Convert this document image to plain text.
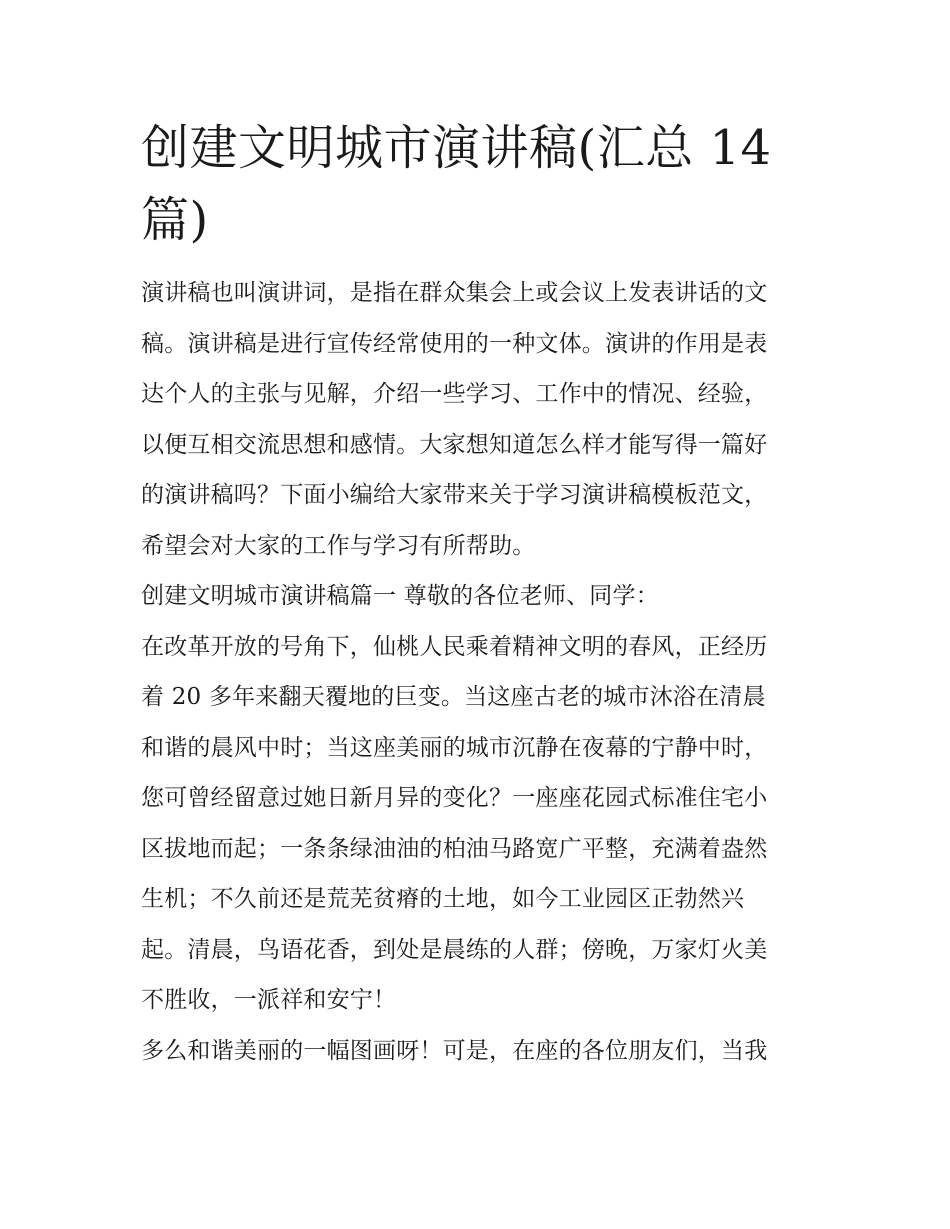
创建文明城市演讲稿(汇总 14
篇)

演讲稿也叫演讲词，是指在群众集会上或会议上发表讲话的文
稿。演讲稿是进行宣传经常使用的一种文体。演讲的作用是表
达个人的主张与见解，介绍一些学习、工作中的情况、经验，
以便互相交流思想和感情。大家想知道怎么样才能写得一篇好
的演讲稿吗？下面小编给大家带来关于学习演讲稿模板范文，
希望会对大家的工作与学习有所帮助。

创建文明城市演讲稿篇一 尊敬的各位老师、同学：

在改革开放的号角下，仙桃人民乘着精神文明的春风，正经历
着 20 多年来翻天覆地的巨变。当这座古老的城市沐浴在清晨
和谐的晨风中时；当这座美丽的城市沉静在夜幕的宁静中时，
您可曾经留意过她日新月异的变化？一座座花园式标准住宅小
区拔地而起；一条条绿油油的柏油马路宽广平整，充满着盎然
生机；不久前还是荒芜贫瘠的土地，如今工业园区正勃然兴
起。清晨，鸟语花香，到处是晨练的人群；傍晚，万家灯火美
不胜收，一派祥和安宁！

多么和谐美丽的一幅图画呀！可是，在座的各位朋友们，当我
